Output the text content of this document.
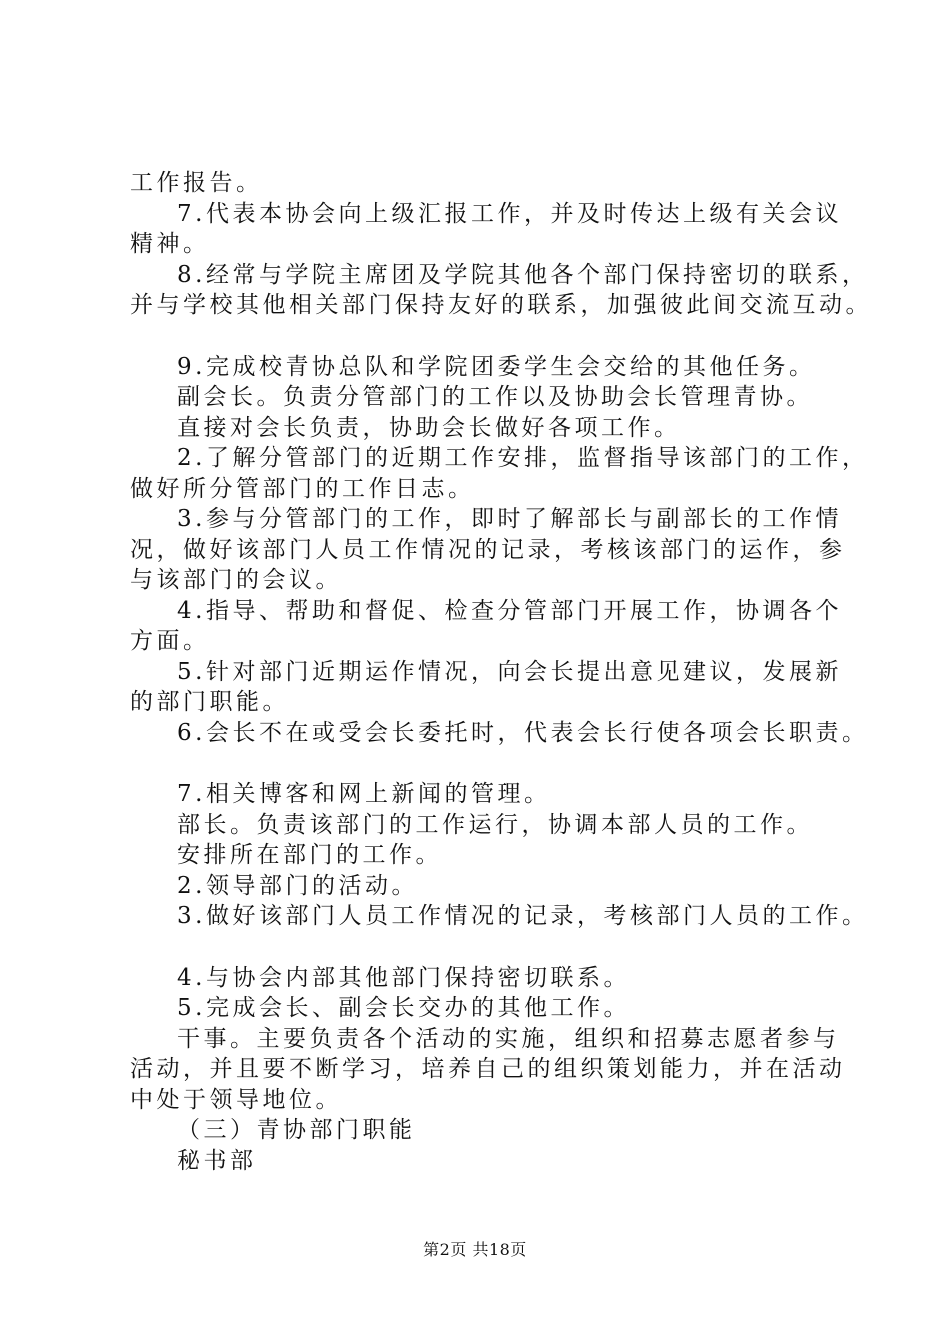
工作报告。
7.代表本协会向上级汇报工作，并及时传达上级有关会议
精神。
8.经常与学院主席团及学院其他各个部门保持密切的联系，
并与学校其他相关部门保持友好的联系，加强彼此间交流互动。
9.完成校青协总队和学院团委学生会交给的其他任务。
副会长。负责分管部门的工作以及协助会长管理青协。
直接对会长负责，协助会长做好各项工作。
2.了解分管部门的近期工作安排，监督指导该部门的工作，
做好所分管部门的工作日志。
3.参与分管部门的工作，即时了解部长与副部长的工作情
况，做好该部门人员工作情况的记录，考核该部门的运作，参
与该部门的会议。
4.指导、帮助和督促、检查分管部门开展工作，协调各个
方面。
5.针对部门近期运作情况，向会长提出意见建议，发展新
的部门职能。
6.会长不在或受会长委托时，代表会长行使各项会长职责。
7.相关博客和网上新闻的管理。
部长。负责该部门的工作运行，协调本部人员的工作。
安排所在部门的工作。
2.领导部门的活动。
3.做好该部门人员工作情况的记录，考核部门人员的工作。
4.与协会内部其他部门保持密切联系。
5.完成会长、副会长交办的其他工作。
干事。主要负责各个活动的实施，组织和招募志愿者参与
活动，并且要不断学习，培养自己的组织策划能力，并在活动
中处于领导地位。
（三）青协部门职能
秘书部
第2页 共18页
